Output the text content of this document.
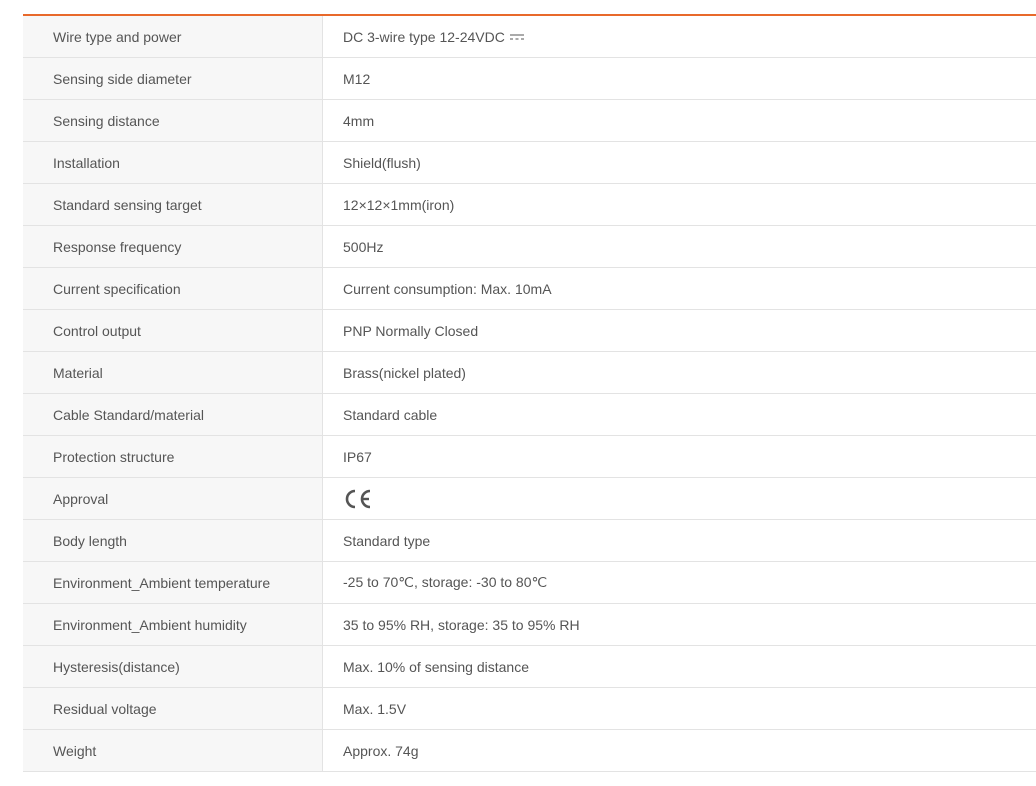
Wire type and power	DC 3-wire type 12-24VDC
Sensing side diameter	M12
Sensing distance	4mm
Installation	Shield(flush)
Standard sensing target	12×12×1mm(iron)
Response frequency	500Hz
Current specification	Current consumption: Max. 10mA
Control output	PNP Normally Closed
Material	Brass(nickel plated)
Cable Standard/material	Standard cable
Protection structure	IP67
Approval
Body length	Standard type
Environment_Ambient temperature	-25 to 70℃, storage: -30 to 80℃
Environment_Ambient humidity	35 to 95% RH, storage: 35 to 95% RH
Hysteresis(distance)	Max. 10% of sensing distance
Residual voltage	Max. 1.5V
Weight	Approx. 74g
